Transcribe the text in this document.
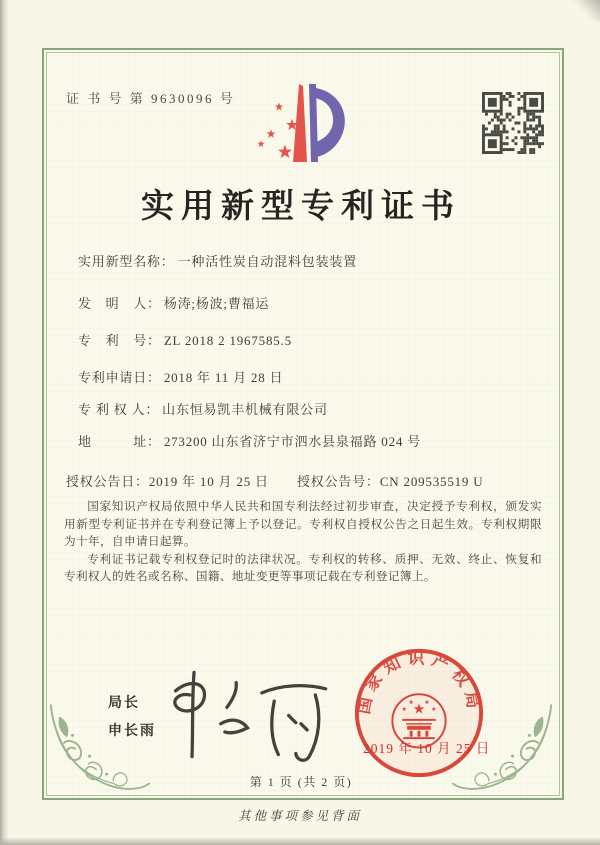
证 书 号 第 9630096 号
实用新型专利证书
实用新型名称： 一种活性炭自动混料包装装置
发　明　人： 杨涛;杨波;曹福运
专　利　号： ZL 2018 2 1967585.5
专利申请日： 2018 年 11 月 28 日
专 利 权 人： 山东恒易凯丰机械有限公司
地　　　址： 273200 山东省济宁市泗水县泉福路 024 号
授权公告日：2019 年 10 月 25 日 授权公告号：CN 209535519 U

国家知识产权局依照中华人民共和国专利法经过初步审查，决定授予专利权，颁发实用新型专利证书并在专利登记簿上予以登记。专利权自授权公告之日起生效。专利权期限为十年，自申请日起算。

专利证书记载专利权登记时的法律状况。专利权的转移、质押、无效、终止、恢复和专利权人的姓名或名称、国籍、地址变更等事项记载在专利登记簿上。

局长
申长雨
国家知识产权局
2019 年 10 月 25 日
第 1 页 (共 2 页)
其他事项参见背面
